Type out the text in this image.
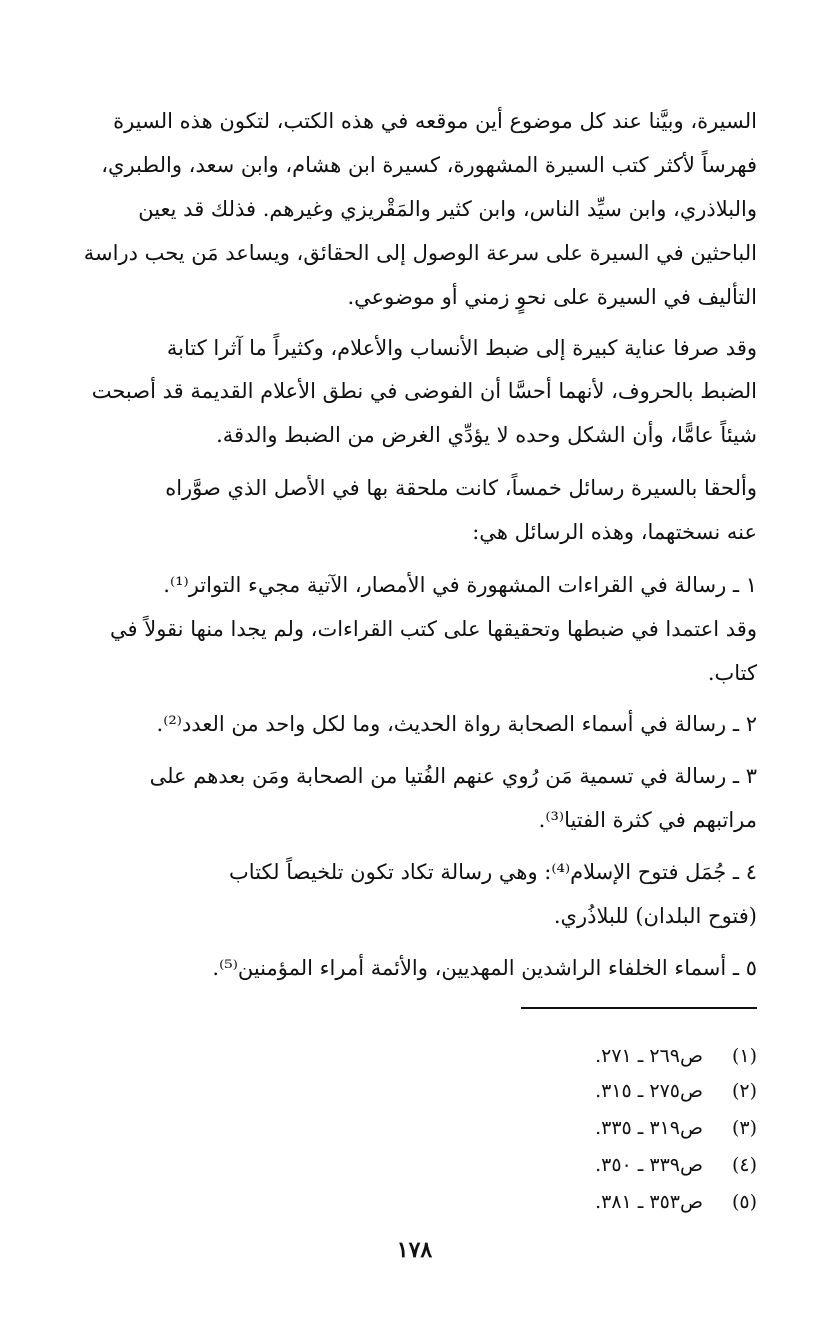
السيرة، وبيَّنا عند كل موضوع أين موقعه في هذه الكتب، لتكون هذه السيرة
فهرساً لأكثر كتب السيرة المشهورة، كسيرة ابن هشام، وابن سعد، والطبري،
والبلاذري، وابن سيِّد الناس، وابن كثير والمَقْريزي وغيرهم. فذلك قد يعين
الباحثين في السيرة على سرعة الوصول إلى الحقائق، ويساعد مَن يحب دراسة
التأليف في السيرة على نحوٍ زمني أو موضوعي.
وقد صرفا عناية كبيرة إلى ضبط الأنساب والأعلام، وكثيراً ما آثرا كتابة
الضبط بالحروف، لأنهما أحسَّا أن الفوضى في نطق الأعلام القديمة قد أصبحت
شيئاً عامًّا، وأن الشكل وحده لا يؤدِّي الغرض من الضبط والدقة.
وألحقا بالسيرة رسائل خمساً، كانت ملحقة بها في الأصل الذي صوَّراه
عنه نسختهما، وهذه الرسائل هي:
١ ـ رسالة في القراءات المشهورة في الأمصار، الآتية مجيء التواتر⁽¹⁾.
وقد اعتمدا في ضبطها وتحقيقها على كتب القراءات، ولم يجدا منها نقولاً في
كتاب.
٢ ـ رسالة في أسماء الصحابة رواة الحديث، وما لكل واحد من العدد⁽²⁾.
٣ ـ رسالة في تسمية مَن رُوي عنهم الفُتيا من الصحابة ومَن بعدهم على
مراتبهم في كثرة الفتيا⁽³⁾.
٤ ـ جُمَل فتوح الإسلام⁽⁴⁾: وهي رسالة تكاد تكون تلخيصاً لكتاب
(فتوح البلدان) للبلاذُري.
٥ ـ أسماء الخلفاء الراشدين المهديين، والأئمة أمراء المؤمنين⁽⁵⁾.
(١)ص٢٦٩ ـ ٢٧١.
(٢)ص٢٧٥ ـ ٣١٥.
(٣)ص٣١٩ ـ ٣٣٥.
(٤)ص٣٣٩ ـ ٣٥٠.
(٥)ص٣٥٣ ـ ٣٨١.
١٧٨
